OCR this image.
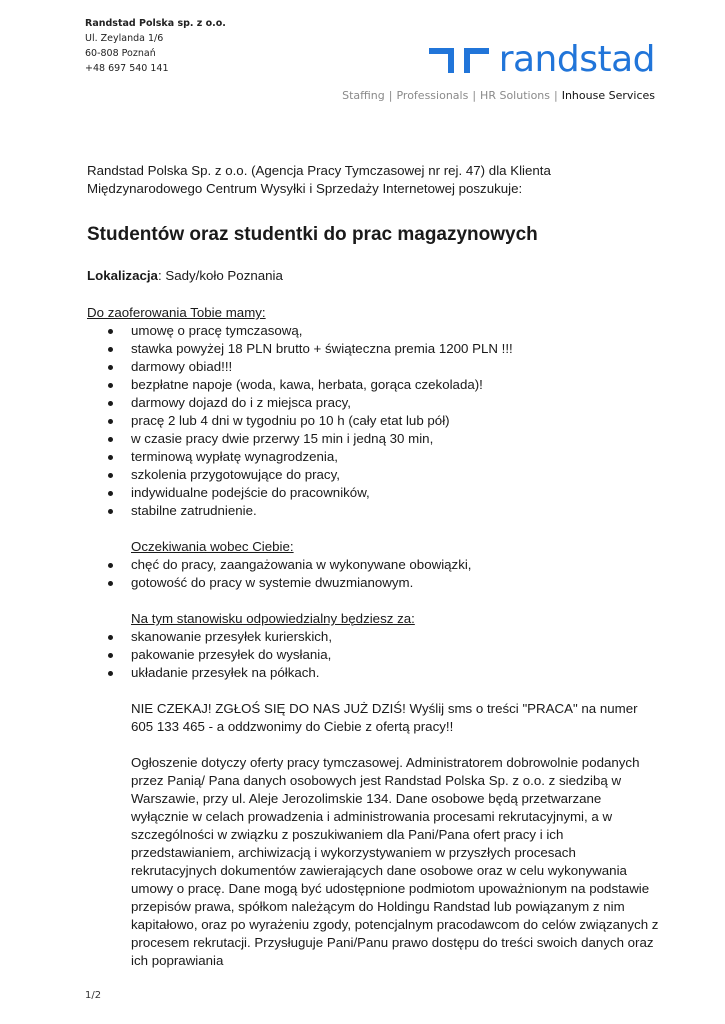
Randstad Polska sp. z o.o.
Ul. Zeylanda 1/6
60-808 Poznań
+48 697 540 141	randstad
Staffing | Professionals | HR Solutions | Inhouse Services

Randstad Polska Sp. z o.o. (Agencja Pracy Tymczasowej nr rej. 47) dla Klienta Międzynarodowego Centrum Wysyłki i Sprzedaży Internetowej poszukuje:

Studentów oraz studentki do prac magazynowych

Lokalizacja: Sady/koło Poznania

Do zaoferowania Tobie mamy:

umowę o pracę tymczasową,
stawka powyżej 18 PLN brutto + świąteczna premia 1200 PLN !!!
darmowy obiad!!!
bezpłatne napoje (woda, kawa, herbata, gorąca czekolada)!
darmowy dojazd do i z miejsca pracy,
pracę 2 lub 4 dni w tygodniu po 10 h (cały etat lub pół)
w czasie pracy dwie przerwy 15 min i jedną 30 min,
terminową wypłatę wynagrodzenia,
szkolenia przygotowujące do pracy,
indywidualne podejście do pracowników,
stabilne zatrudnienie.

Oczekiwania wobec Ciebie:

chęć do pracy, zaangażowania w wykonywane obowiązki,
gotowość do pracy w systemie dwuzmianowym.

Na tym stanowisku odpowiedzialny będziesz za:

skanowanie przesyłek kurierskich,
pakowanie przesyłek do wysłania,
układanie przesyłek na półkach.

NIE CZEKAJ! ZGŁOŚ SIĘ DO NAS JUŻ DZIŚ! Wyślij sms o treści "PRACA" na numer 605 133 465 - a oddzwonimy do Ciebie z ofertą pracy!!

Ogłoszenie dotyczy oferty pracy tymczasowej. Administratorem dobrowolnie podanych przez Panią/ Pana danych osobowych jest Randstad Polska Sp. z o.o. z siedzibą w Warszawie, przy ul. Aleje Jerozolimskie 134. Dane osobowe będą przetwarzane wyłącznie w celach prowadzenia i administrowania procesami rekrutacyjnymi, a w szczególności w związku z poszukiwaniem dla Pani/Pana ofert pracy i ich przedstawianiem, archiwizacją i wykorzystywaniem w przyszłych procesach rekrutacyjnych dokumentów zawierających dane osobowe oraz w celu wykonywania umowy o pracę. Dane mogą być udostępnione podmiotom upoważnionym na podstawie przepisów prawa, spółkom należącym do Holdingu Randstad lub powiązanym z nim kapitałowo, oraz po wyrażeniu zgody, potencjalnym pracodawcom do celów związanych z procesem rekrutacji. Przysługuje Pani/Panu prawo dostępu do treści swoich danych oraz ich poprawiania

1/2
